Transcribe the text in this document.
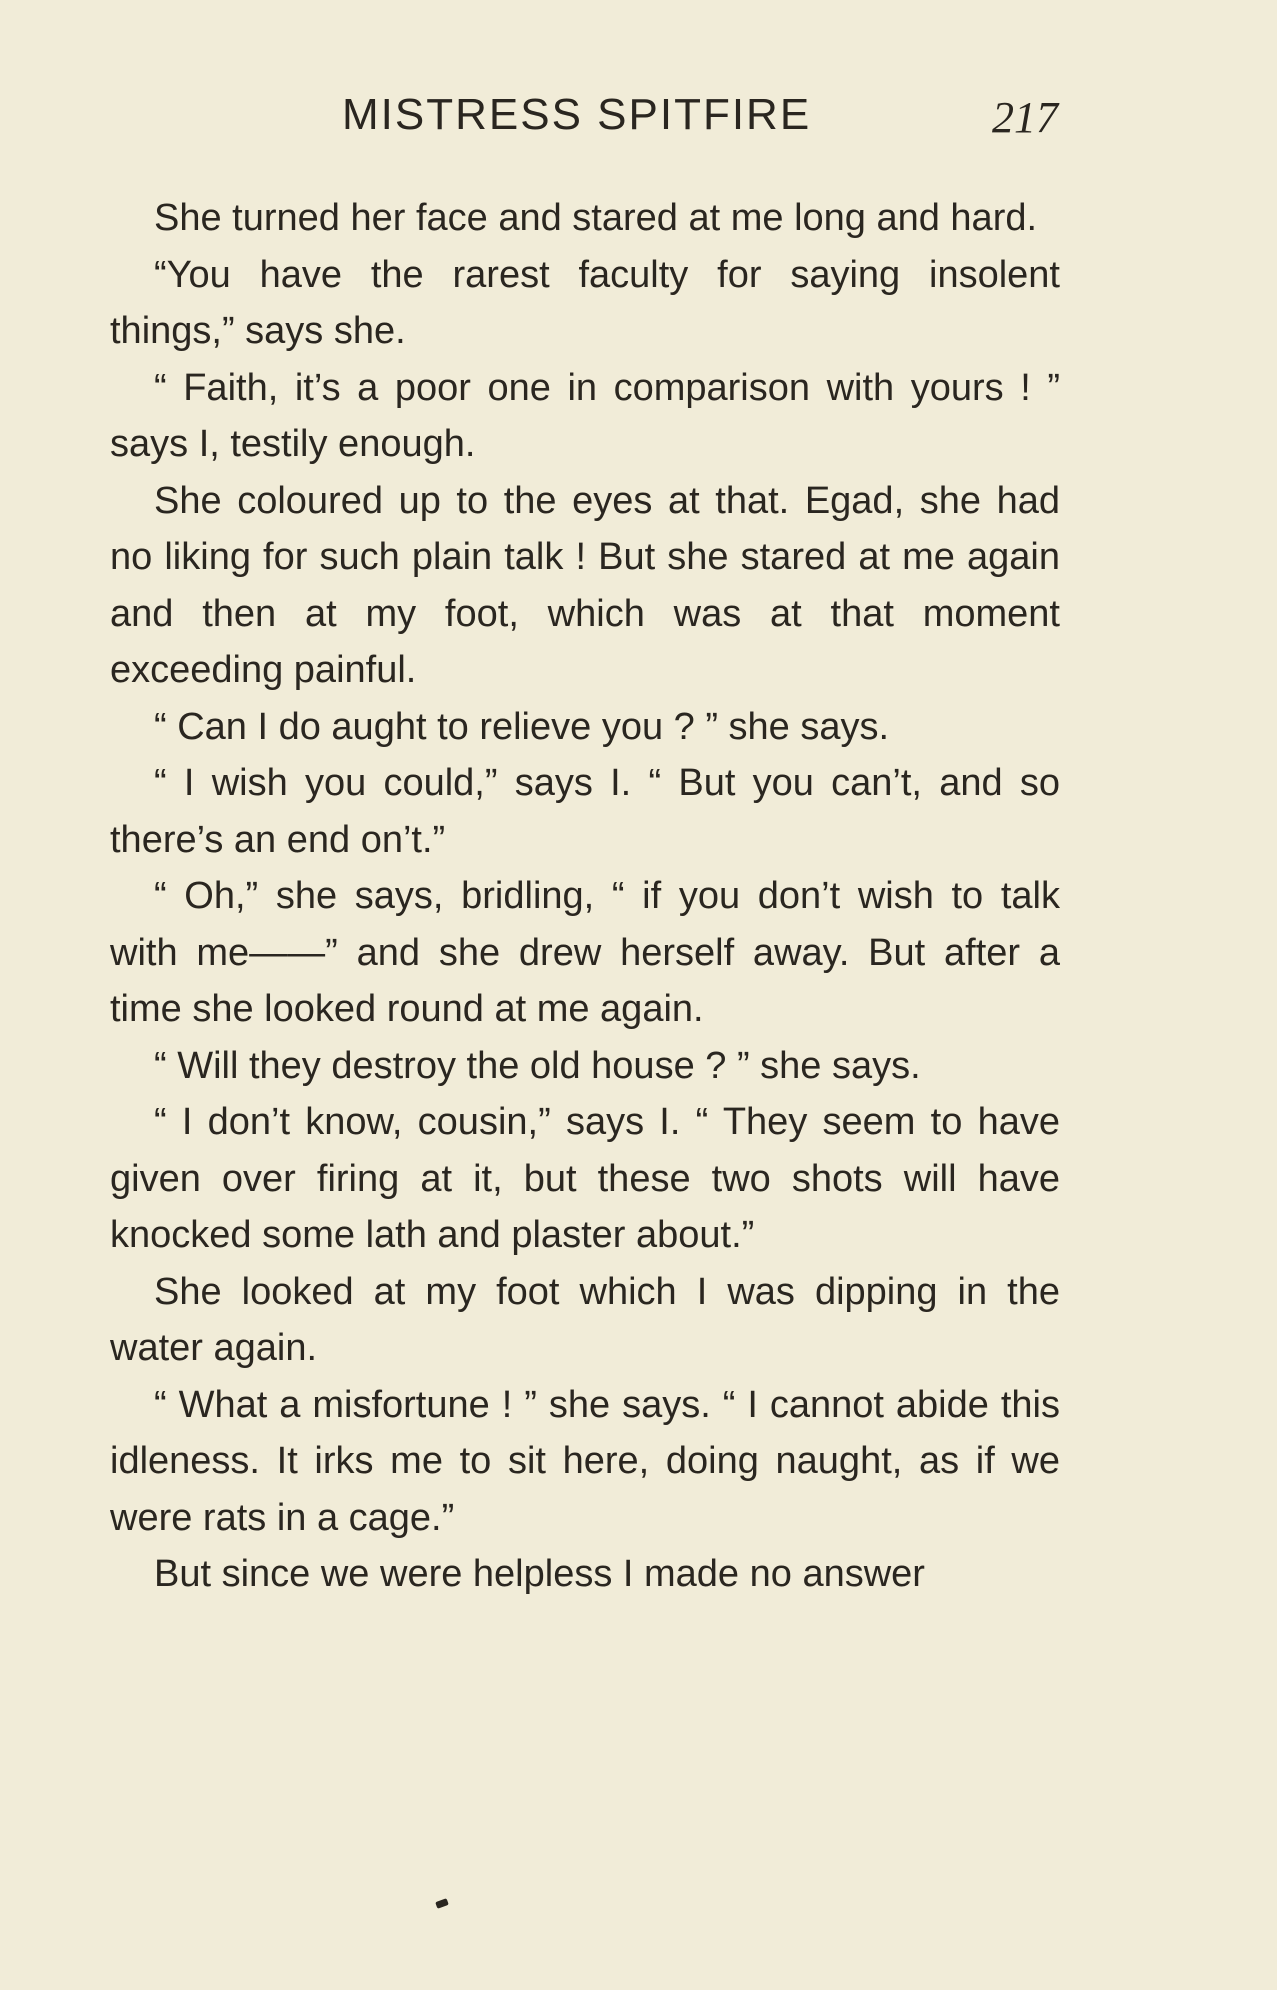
MISTRESS SPITFIRE	217

She turned her face and stared at me long and hard.

“You have the rarest faculty for saying insolent things,” says she.

“ Faith, it’s a poor one in comparison with yours ! ” says I, testily enough.

She coloured up to the eyes at that. Egad, she had no liking for such plain talk ! But she stared at me again and then at my foot, which was at that moment exceeding painful.

“ Can I do aught to relieve you ? ” she says.

“ I wish you could,” says I. “ But you can’t, and so there’s an end on’t.”

“ Oh,” she says, bridling, “ if you don’t wish to talk with me——” and she drew herself away. But after a time she looked round at me again.

“ Will they destroy the old house ? ” she says.

“ I don’t know, cousin,” says I. “ They seem to have given over firing at it, but these two shots will have knocked some lath and plaster about.”

She looked at my foot which I was dipping in the water again.

“ What a misfortune ! ” she says. “ I cannot abide this idleness. It irks me to sit here, doing naught, as if we were rats in a cage.”

But since we were helpless I made no answer
